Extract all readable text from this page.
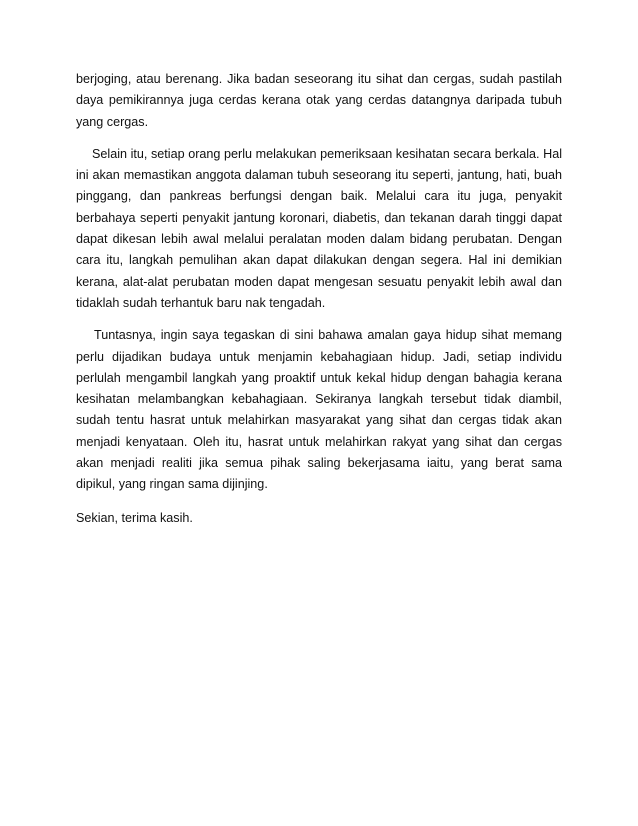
berjoging, atau berenang. Jika badan seseorang itu sihat dan cergas, sudah pastilah daya pemikirannya juga cerdas kerana otak yang cerdas datangnya daripada tubuh yang cergas.

Selain itu, setiap orang perlu melakukan pemeriksaan kesihatan secara berkala. Hal ini akan memastikan anggota dalaman tubuh seseorang itu seperti, jantung, hati, buah pinggang, dan pankreas berfungsi dengan baik. Melalui cara itu juga, penyakit berbahaya seperti penyakit jantung koronari, diabetis, dan tekanan darah tinggi dapat dapat dikesan lebih awal melalui peralatan moden dalam bidang perubatan. Dengan cara itu, langkah pemulihan akan dapat dilakukan dengan segera. Hal ini demikian kerana, alat-alat perubatan moden dapat mengesan sesuatu penyakit lebih awal dan tidaklah sudah terhantuk baru nak tengadah.

Tuntasnya, ingin saya tegaskan di sini bahawa amalan gaya hidup sihat memang perlu dijadikan budaya untuk menjamin kebahagiaan hidup. Jadi, setiap individu perlulah mengambil langkah yang proaktif untuk kekal hidup dengan bahagia kerana kesihatan melambangkan kebahagiaan. Sekiranya langkah tersebut tidak diambil, sudah tentu hasrat untuk melahirkan masyarakat yang sihat dan cergas tidak akan menjadi kenyataan. Oleh itu, hasrat untuk melahirkan rakyat yang sihat dan cergas akan menjadi realiti jika semua pihak saling bekerjasama iaitu, yang berat sama dipikul, yang ringan sama dijinjing.

Sekian, terima kasih.
